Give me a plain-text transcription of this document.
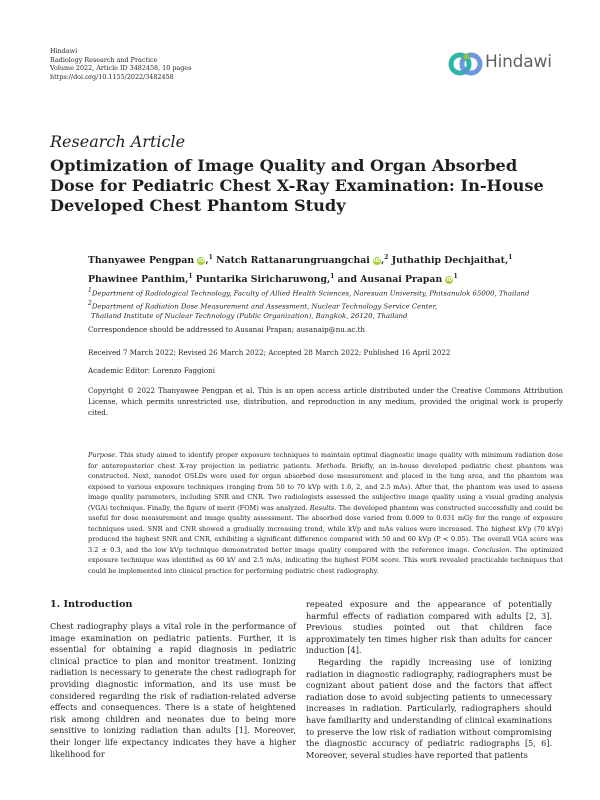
Hindawi
Radiology Research and Practice
Volume 2022, Article ID 3482458, 10 pages
https://doi.org/10.1155/2022/3482458
Hindawi
Research Article
Optimization of Image Quality and Organ Absorbed Dose for Pediatric Chest X-Ray Examination: In-House Developed Chest Phantom Study
Thanyawee Pengpan iD,$^1$ Natch Rattanarungruangchai iD,$^2$ Juthathip Dechjaithat,$^1$
Phawinee Panthim,$^1$ Puntarika Siricharuwong,$^1$ and Ausanai Prapan $iD^1$
$^1$Department of Radiological Technology, Faculty of Allied Health Sciences, Naresuan University, Phitsanulok 65000, Thailand
$^2$Department of Radiation Dose Measurement and Assessment, Nuclear Technology Service Center,
Thailand Institute of Nuclear Technology (Public Organization), Bangkok, 26120, Thailand
Correspondence should be addressed to Ausanai Prapan; ausanaip@nu.ac.th
Received 7 March 2022; Revised 26 March 2022; Accepted 28 March 2022; Published 16 April 2022
Academic Editor: Lorenzo Faggioni
Copyright © 2022 Thanyawee Pengpan et al. This is an open access article distributed under the Creative Commons Attribution License, which permits unrestricted use, distribution, and reproduction in any medium, provided the original work is properly cited.
Purpose. This study aimed to identify proper exposure techniques to maintain optimal diagnostic image quality with minimum radiation dose for anteroposterior chest X-ray projection in pediatric patients. Methods. Briefly, an in-house developed pediatric chest phantom was constructed. Next, nanodot OSLDs were used for organ absorbed dose measurement and placed in the lung area, and the phantom was exposed to various exposure techniques (ranging from 50 to 70 kVp with 1.6, 2, and 2.5 mAs). After that, the phantom was used to assess image quality parameters, including SNR and CNR. Two radiologists assessed the subjective image quality using a visual grading analysis (VGA) technique. Finally, the figure of merit (FOM) was analyzed. Results. The developed phantom was constructed successfully and could be useful for dose measurement and image quality assessment. The absorbed dose varied from 0.009 to 0.031 mGy for the range of exposure techniques used. SNR and CNR showed a gradually increasing trend, while kVp and mAs values were increased. The highest kVp (70 kVp) produced the highest SNR and CNR, exhibiting a significant difference compared with 50 and 60 kVp (P < 0.05). The overall VGA score was 3.2 ± 0.3, and the low kVp technique demonstrated better image quality compared with the reference image. Conclusion. The optimized exposure technique was identified as 60 kV and 2.5 mAs, indicating the highest FOM score. This work revealed practicable techniques that could be implemented into clinical practice for performing pediatric chest radiography.
1. Introduction

Chest radiography plays a vital role in the performance of image examination on pediatric patients. Further, it is essential for obtaining a rapid diagnosis in pediatric clinical practice to plan and monitor treatment. Ionizing radiation is necessary to generate the chest radiograph for providing diagnostic information, and its use must be considered regarding the risk of radiation-related adverse effects and consequences. There is a state of heightened risk among children and neonates due to being more sensitive to ionizing radiation than adults [1]. Moreover, their longer life expectancy indicates they have a higher likelihood for

repeated exposure and the appearance of potentially harmful effects of radiation compared with adults [2, 3]. Previous studies pointed out that children face approximately ten times higher risk than adults for cancer induction [4].

Regarding the rapidly increasing use of ionizing radiation in diagnostic radiography, radiographers must be cognizant about patient dose and the factors that affect radiation dose to avoid subjecting patients to unnecessary increases in radiation. Particularly, radiographers should have familiarity and understanding of clinical examinations to preserve the low risk of radiation without compromising the diagnostic accuracy of pediatric radiographs [5, 6]. Moreover, several studies have reported that patients
